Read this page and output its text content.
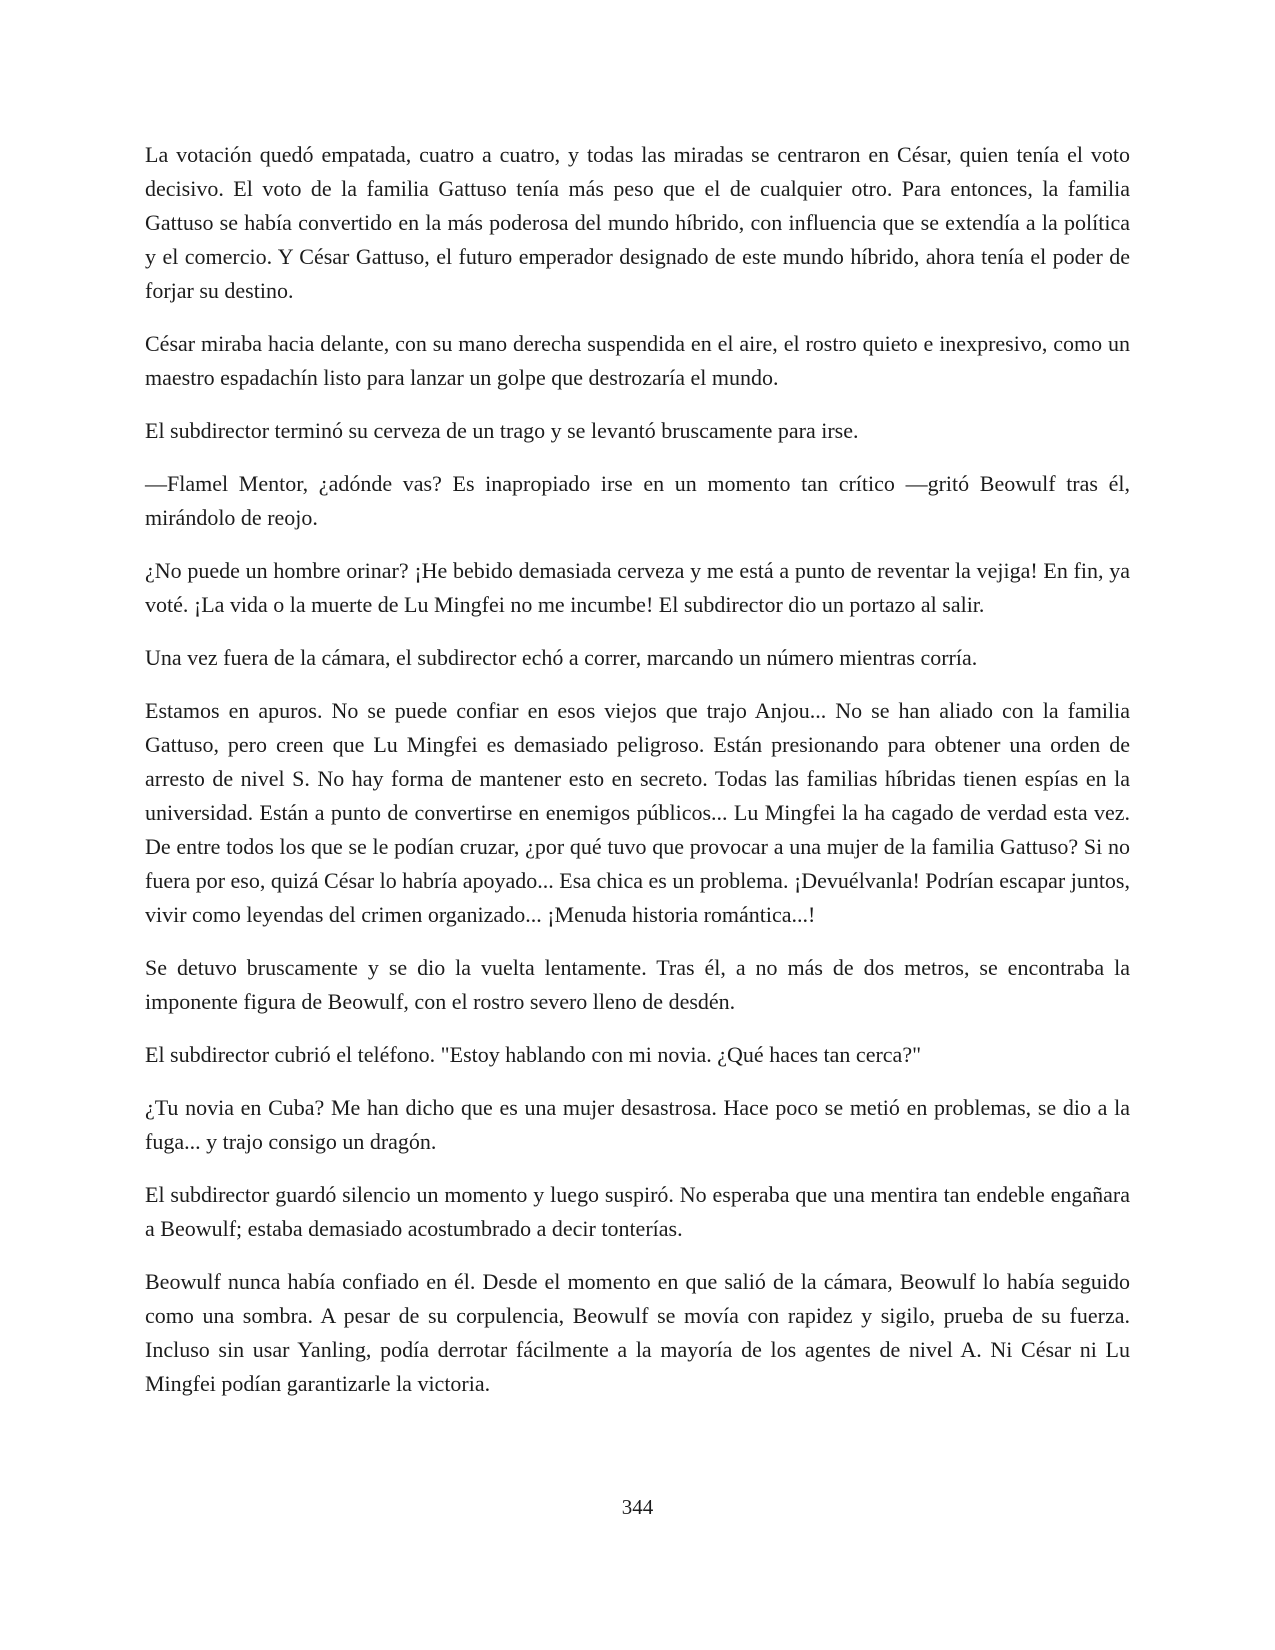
La votación quedó empatada, cuatro a cuatro, y todas las miradas se centraron en César, quien tenía el voto decisivo. El voto de la familia Gattuso tenía más peso que el de cualquier otro. Para entonces, la familia Gattuso se había convertido en la más poderosa del mundo híbrido, con influencia que se extendía a la política y el comercio. Y César Gattuso, el futuro emperador designado de este mundo híbrido, ahora tenía el poder de forjar su destino.

César miraba hacia delante, con su mano derecha suspendida en el aire, el rostro quieto e inexpresivo, como un maestro espadachín listo para lanzar un golpe que destrozaría el mundo.

El subdirector terminó su cerveza de un trago y se levantó bruscamente para irse.

—Flamel Mentor, ¿adónde vas? Es inapropiado irse en un momento tan crítico —gritó Beowulf tras él, mirándolo de reojo.

¿No puede un hombre orinar? ¡He bebido demasiada cerveza y me está a punto de reventar la vejiga! En fin, ya voté. ¡La vida o la muerte de Lu Mingfei no me incumbe! El subdirector dio un portazo al salir.

Una vez fuera de la cámara, el subdirector echó a correr, marcando un número mientras corría.

Estamos en apuros. No se puede confiar en esos viejos que trajo Anjou... No se han aliado con la familia Gattuso, pero creen que Lu Mingfei es demasiado peligroso. Están presionando para obtener una orden de arresto de nivel S. No hay forma de mantener esto en secreto. Todas las familias híbridas tienen espías en la universidad. Están a punto de convertirse en enemigos públicos... Lu Mingfei la ha cagado de verdad esta vez. De entre todos los que se le podían cruzar, ¿por qué tuvo que provocar a una mujer de la familia Gattuso? Si no fuera por eso, quizá César lo habría apoyado... Esa chica es un problema. ¡Devuélvanla! Podrían escapar juntos, vivir como leyendas del crimen organizado... ¡Menuda historia romántica...!

Se detuvo bruscamente y se dio la vuelta lentamente. Tras él, a no más de dos metros, se encontraba la imponente figura de Beowulf, con el rostro severo lleno de desdén.

El subdirector cubrió el teléfono. "Estoy hablando con mi novia. ¿Qué haces tan cerca?"

¿Tu novia en Cuba? Me han dicho que es una mujer desastrosa. Hace poco se metió en problemas, se dio a la fuga... y trajo consigo un dragón.

El subdirector guardó silencio un momento y luego suspiró. No esperaba que una mentira tan endeble engañara a Beowulf; estaba demasiado acostumbrado a decir tonterías.

Beowulf nunca había confiado en él. Desde el momento en que salió de la cámara, Beowulf lo había seguido como una sombra. A pesar de su corpulencia, Beowulf se movía con rapidez y sigilo, prueba de su fuerza. Incluso sin usar Yanling, podía derrotar fácilmente a la mayoría de los agentes de nivel A. Ni César ni Lu Mingfei podían garantizarle la victoria.

344
